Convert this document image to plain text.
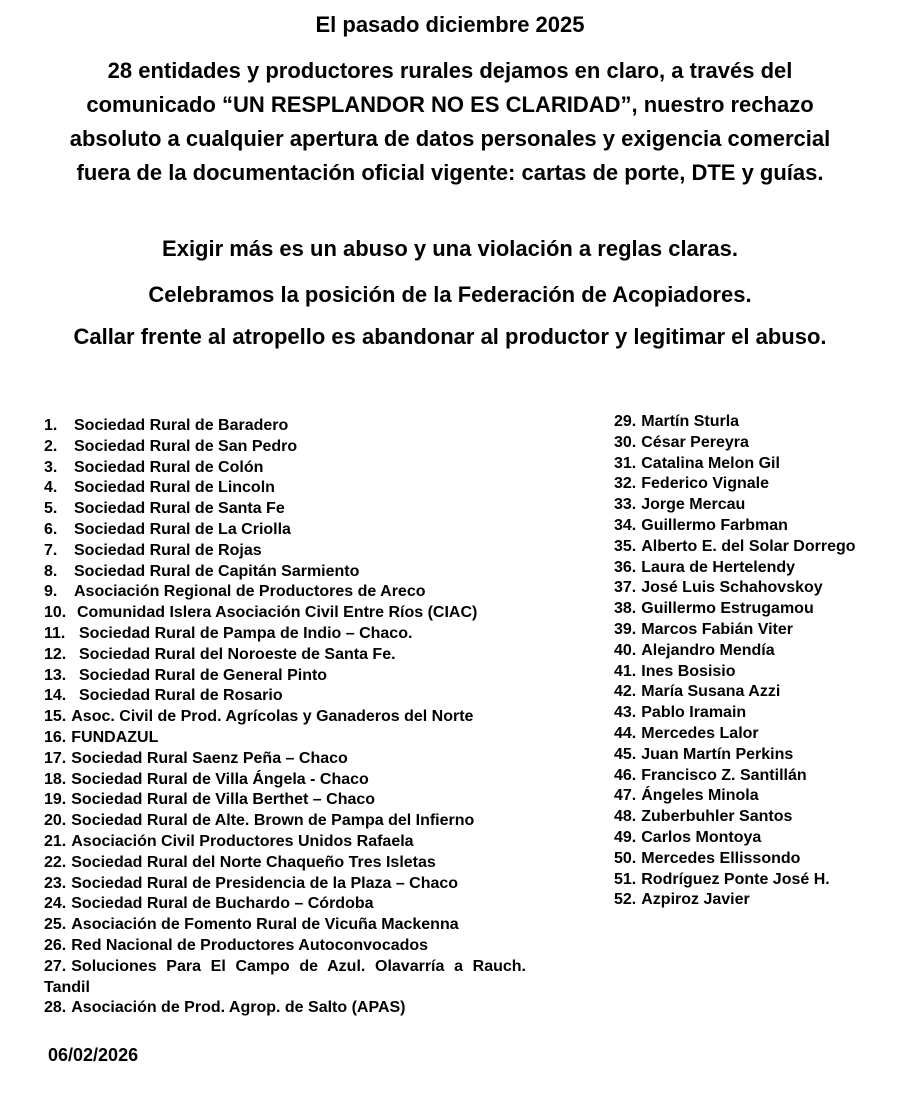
El pasado diciembre 2025

28 entidades y productores rurales dejamos en claro, a través del comunicado “UN RESPLANDOR NO ES CLARIDAD”, nuestro rechazo absoluto a cualquier apertura de datos personales y exigencia comercial fuera de la documentación oficial vigente: cartas de porte, DTE y guías.

Exigir más es un abuso y una violación a reglas claras.

Celebramos la posición de la Federación de Acopiadores.

Callar frente al atropello es abandonar al productor y legitimar el abuso.

1. Sociedad Rural de Baradero
2. Sociedad Rural de San Pedro
3. Sociedad Rural de Colón
4. Sociedad Rural de Lincoln
5. Sociedad Rural de Santa Fe
6. Sociedad Rural de La Criolla
7. Sociedad Rural de Rojas
8. Sociedad Rural de Capitán Sarmiento
9. Asociación Regional de Productores de Areco
10. Comunidad Islera Asociación Civil Entre Ríos (CIAC)
11. Sociedad Rural de Pampa de Indio – Chaco.
12. Sociedad Rural del Noroeste de Santa Fe.
13. Sociedad Rural de General Pinto
14. Sociedad Rural de Rosario
15. Asoc. Civil de Prod. Agrícolas y Ganaderos del Norte
16. FUNDAZUL
17. Sociedad Rural Saenz Peña – Chaco
18. Sociedad Rural de Villa Ángela - Chaco
19. Sociedad Rural de Villa Berthet – Chaco
20. Sociedad Rural de Alte. Brown de Pampa del Infierno
21. Asociación Civil Productores Unidos Rafaela
22. Sociedad Rural del Norte Chaqueño Tres Isletas
23. Sociedad Rural de Presidencia de la Plaza – Chaco
24. Sociedad Rural de Buchardo – Córdoba
25. Asociación de Fomento Rural de Vicuña Mackenna
26. Red Nacional de Productores Autoconvocados
27. Soluciones Para El Campo de Azul. Olavarría a Rauch. Tandil
28. Asociación de Prod. Agrop. de Salto (APAS)
29. Martín Sturla
30. César Pereyra
31. Catalina Melon Gil
32. Federico Vignale
33. Jorge Mercau
34. Guillermo Farbman
35. Alberto E. del Solar Dorrego
36. Laura de Hertelendy
37. José Luis Schahovskoy
38. Guillermo Estrugamou
39. Marcos Fabián Viter
40. Alejandro Mendía
41. Ines Bosisio
42. María Susana Azzi
43. Pablo Iramain
44. Mercedes Lalor
45. Juan Martín Perkins
46. Francisco Z. Santillán
47. Ángeles Minola
48. Zuberbuhler Santos
49. Carlos Montoya
50. Mercedes Ellissondo
51. Rodríguez Ponte José H.
52. Azpiroz Javier
06/02/2026
